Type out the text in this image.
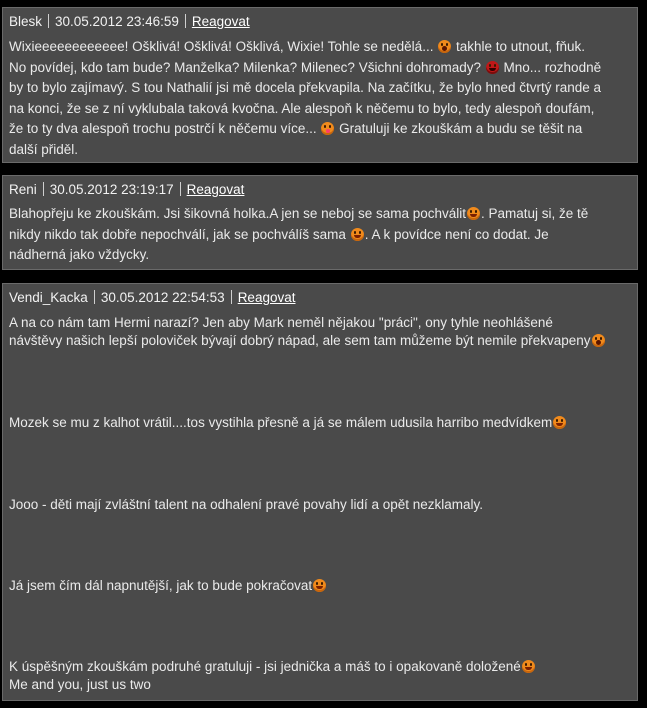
Blesk 30.05.2012 23:46:59 Reagovat
Wixieeeeeeeeeeee! Ošklivá! Ošklivá! Ošklivá, Wixie! Tohle se nedělá...  takhle to utnout, fňuk.
No povídej, kdo tam bude? Manželka? Milenka? Milenec? Všichni dohromady?  Mno... rozhodně
by to bylo zajímavý. S tou Nathalií jsi mě docela překvapila. Na začítku, že bylo hned čtvrtý rande a
na konci, že se z ní vyklubala taková kvočna. Ale alespoň k něčemu to bylo, tedy alespoň doufám,
že to ty dva alespoň trochu postrčí k něčemu více...  Gratuluji ke zkouškám a budu se těšit na
další přiděl.
Reni 30.05.2012 23:19:17 Reagovat
Blahopřeju ke zkouškám. Jsi šikovná holka.A jen se neboj se sama pochválit . Pamatuj si, že tě
nikdy nikdo tak dobře nepochválí, jak se pochválíš sama . A k povídce není co dodat. Je
nádherná jako vždycky.
Vendi_Kacka 30.05.2012 22:54:53 Reagovat
A na co nám tam Hermi narazí? Jen aby Mark neměl nějakou "práci", ony tyhle neohlášené
návštěvy našich lepší poloviček bývají dobrý nápad, ale sem tam můžeme být nemile překvapeny
Mozek se mu z kalhot vrátil....tos vystihla přesně a já se málem udusila harribo medvídkem
Jooo - děti mají zvláštní talent na odhalení pravé povahy lidí a opět nezklamaly.
Já jsem čím dál napnutější, jak to bude pokračovat
K úspěšným zkouškám podruhé gratuluji - jsi jednička a máš to i opakovaně doložené
Me and you, just us two
